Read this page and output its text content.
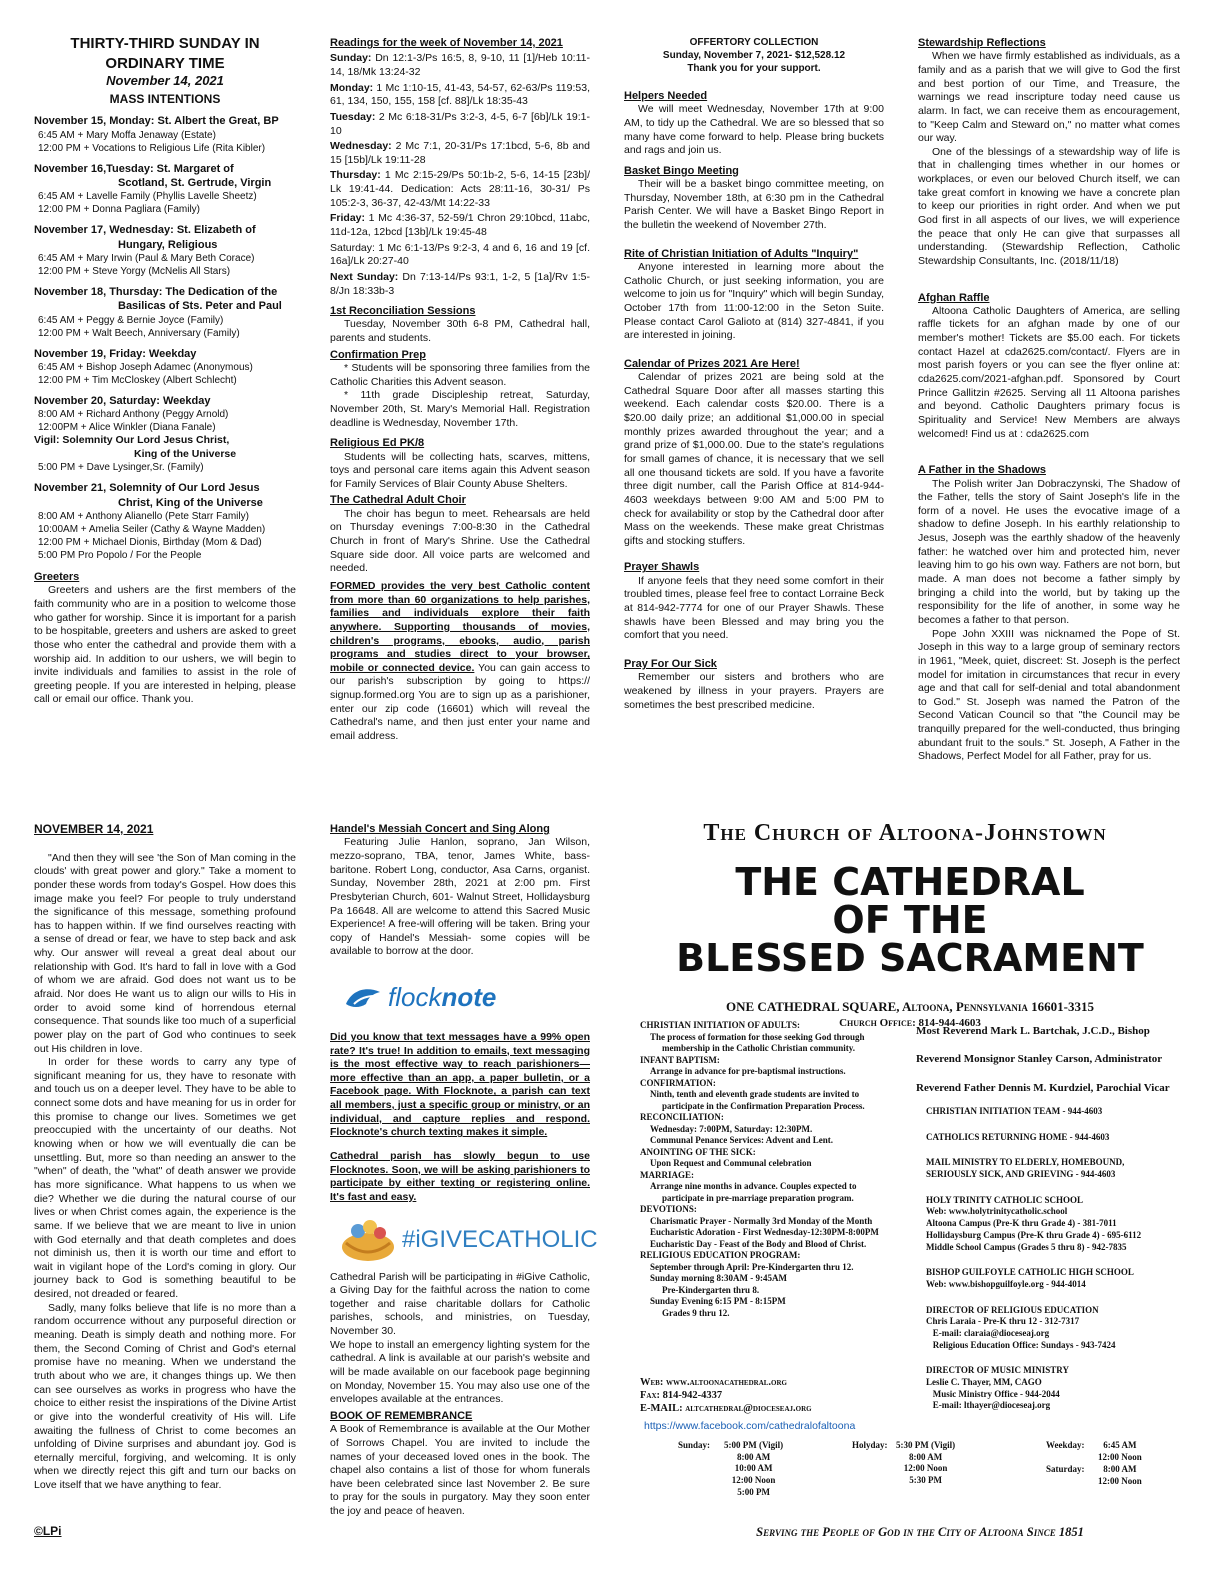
THIRTY-THIRD SUNDAY IN
ORDINARY TIME
November 14, 2021
MASS INTENTIONS
November 15, Monday: St. Albert the Great, BP
6:45 AM + Mary Moffa Jenaway (Estate)
12:00 PM + Vocations to Religious Life (Rita Kibler)
November 16,Tuesday: St. Margaret of
Scotland, St. Gertrude, Virgin
6:45 AM + Lavelle Family (Phyllis Lavelle Sheetz)
12:00 PM + Donna Pagliara (Family)
November 17, Wednesday: St. Elizabeth of
Hungary, Religious
6:45 AM + Mary Irwin (Paul & Mary Beth Corace)
12:00 PM + Steve Yorgy (McNelis All Stars)
November 18, Thursday: The Dedication of the
Basilicas of Sts. Peter and Paul
6:45 AM + Peggy & Bernie Joyce (Family)
12:00 PM + Walt Beech, Anniversary (Family)
November 19, Friday: Weekday
6:45 AM + Bishop Joseph Adamec (Anonymous)
12:00 PM + Tim McCloskey (Albert Schlecht)
November 20, Saturday: Weekday
8:00 AM + Richard Anthony (Peggy Arnold)
12:00PM + Alice Winkler (Diana Fanale)
Vigil: Solemnity Our Lord Jesus Christ,
King of the Universe
5:00 PM + Dave Lysinger,Sr. (Family)
November 21, Solemnity of Our Lord Jesus
Christ, King of the Universe
8:00 AM + Anthony Alianello (Pete Starr Family)
10:00AM + Amelia Seiler (Cathy & Wayne Madden)
12:00 PM + Michael Dionis, Birthday (Mom & Dad)
5:00 PM Pro Popolo / For the People
Greeters

Greeters and ushers are the first members of the faith community who are in a position to welcome those who gather for worship. Since it is important for a parish to be hospitable, greeters and ushers are asked to greet those who enter the cathedral and provide them with a worship aid. In addition to our ushers, we will begin to invite individuals and families to assist in the role of greeting people. If you are interested in helping, please call or email our office. Thank you.

Readings for the week of November 14, 2021

Sunday: Dn 12:1-3/Ps 16:5, 8, 9-10, 11 [1]/Heb 10:11-14, 18/Mk 13:24-32

Monday: 1 Mc 1:10-15, 41-43, 54-57, 62-63/Ps 119:53, 61, 134, 150, 155, 158 [cf. 88]/Lk 18:35-43

Tuesday: 2 Mc 6:18-31/Ps 3:2-3, 4-5, 6-7 [6b]/Lk 19:1-10

Wednesday: 2 Mc 7:1, 20-31/Ps 17:1bcd, 5-6, 8b and 15 [15b]/Lk 19:11-28

Thursday: 1 Mc 2:15-29/Ps 50:1b-2, 5-6, 14-15 [23b]/ Lk 19:41-44. Dedication: Acts 28:11-16, 30-31/ Ps 105:2-3, 36-37, 42-43/Mt 14:22-33

Friday: 1 Mc 4:36-37, 52-59/1 Chron 29:10bcd, 11abc, 11d-12a, 12bcd [13b]/Lk 19:45-48

Saturday: 1 Mc 6:1-13/Ps 9:2-3, 4 and 6, 16 and 19 [cf. 16a]/Lk 20:27-40

Next Sunday: Dn 7:13-14/Ps 93:1, 1-2, 5 [1a]/Rv 1:5-8/Jn 18:33b-3

1st Reconciliation Sessions

Tuesday, November 30th 6-8 PM, Cathedral hall, parents and students.

Confirmation Prep

* Students will be sponsoring three families from the Catholic Charities this Advent season.

* 11th grade Discipleship retreat, Saturday, November 20th, St. Mary's Memorial Hall. Registration deadline is Wednesday, November 17th.

Religious Ed PK/8

Students will be collecting hats, scarves, mittens, toys and personal care items again this Advent season for Family Services of Blair County Abuse Shelters.

The Cathedral Adult Choir

The choir has begun to meet. Rehearsals are held on Thursday evenings 7:00-8:30 in the Cathedral Church in front of Mary's Shrine. Use the Cathedral Square side door. All voice parts are welcomed and needed.

FORMED provides the very best Catholic content from more than 60 organizations to help parishes, families and individuals explore their faith anywhere. Supporting thousands of movies, children's programs, ebooks, audio, parish programs and studies direct to your browser, mobile or connected device. You can gain access to our parish's subscription by going to https:// signup.formed.org You are to sign up as a parishioner, enter our zip code (16601) which will reveal the Cathedral's name, and then just enter your name and email address.

OFFERTORY COLLECTION
Sunday, November 7, 2021- $12,528.12
Thank you for your support.
Helpers Needed

We will meet Wednesday, November 17th at 9:00 AM, to tidy up the Cathedral. We are so blessed that so many have come forward to help. Please bring buckets and rags and join us.

Basket Bingo Meeting

Their will be a basket bingo committee meeting, on Thursday, November 18th, at 6:30 pm in the Cathedral Parish Center. We will have a Basket Bingo Report in the bulletin the weekend of November 27th.

Rite of Christian Initiation of Adults "Inquiry"

Anyone interested in learning more about the Catholic Church, or just seeking information, you are welcome to join us for "Inquiry" which will begin Sunday, October 17th from 11:00-12:00 in the Seton Suite. Please contact Carol Galioto at (814) 327-4841, if you are interested in joining.

Calendar of Prizes 2021 Are Here!

Calendar of prizes 2021 are being sold at the Cathedral Square Door after all masses starting this weekend. Each calendar costs $20.00. There is a $20.00 daily prize; an additional $1,000.00 in special monthly prizes awarded throughout the year; and a grand prize of $1,000.00. Due to the state's regulations for small games of chance, it is necessary that we sell all one thousand tickets are sold. If you have a favorite three digit number, call the Parish Office at 814-944-4603 weekdays between 9:00 AM and 5:00 PM to check for availability or stop by the Cathedral door after Mass on the weekends. These make great Christmas gifts and stocking stuffers.

Prayer Shawls

If anyone feels that they need some comfort in their troubled times, please feel free to contact Lorraine Beck at 814-942-7774 for one of our Prayer Shawls. These shawls have been Blessed and may bring you the comfort that you need.

Pray For Our Sick

Remember our sisters and brothers who are weakened by illness in your prayers. Prayers are sometimes the best prescribed medicine.

Stewardship Reflections

When we have firmly established as individuals, as a family and as a parish that we will give to God the first and best portion of our Time, and Treasure, the warnings we read inscripture today need cause us alarm. In fact, we can receive them as encouragement, to "Keep Calm and Steward on," no matter what comes our way.

One of the blessings of a stewardship way of life is that in challenging times whether in our homes or workplaces, or even our beloved Church itself, we can take great comfort in knowing we have a concrete plan to keep our priorities in right order. And when we put God first in all aspects of our lives, we will experience the peace that only He can give that surpasses all understanding. (Stewardship Reflection, Catholic Stewardship Consultants, Inc. (2018/11/18)

Afghan Raffle

Altoona Catholic Daughters of America, are selling raffle tickets for an afghan made by one of our member's mother! Tickets are $5.00 each. For tickets contact Hazel at cda2625.com/contact/. Flyers are in most parish foyers or you can see the flyer online at: cda2625.com/2021-afghan.pdf. Sponsored by Court Prince Gallitzin #2625. Serving all 11 Altoona parishes and beyond. Catholic Daughters primary focus is Spirituality and Service! New Members are always welcomed! Find us at : cda2625.com

A Father in the Shadows

The Polish writer Jan Dobraczynski, The Shadow of the Father, tells the story of Saint Joseph's life in the form of a novel. He uses the evocative image of a shadow to define Joseph. In his earthly relationship to Jesus, Joseph was the earthly shadow of the heavenly father: he watched over him and protected him, never leaving him to go his own way. Fathers are not born, but made. A man does not become a father simply by bringing a child into the world, but by taking up the responsibility for the life of another, in some way he becomes a father to that person.

Pope John XXIII was nicknamed the Pope of St. Joseph in this way to a large group of seminary rectors in 1961, "Meek, quiet, discreet: St. Joseph is the perfect model for imitation in circumstances that recur in every age and that call for self-denial and total abandonment to God." St. Joseph was named the Patron of the Second Vatican Council so that "the Council may be tranquilly prepared for the well-conducted, thus bringing abundant fruit to the souls." St. Joseph, A Father in the Shadows, Perfect Model for all Father, pray for us.

NOVEMBER 14, 2021

"And then they will see 'the Son of Man coming in the clouds' with great power and glory." Take a moment to ponder these words from today's Gospel. How does this image make you feel? For people to truly understand the significance of this message, something profound has to happen within. If we find ourselves reacting with a sense of dread or fear, we have to step back and ask why. Our answer will reveal a great deal about our relationship with God. It's hard to fall in love with a God of whom we are afraid. God does not want us to be afraid. Nor does He want us to align our wills to His in order to avoid some kind of horrendous eternal consequence. That sounds like too much of a superficial power play on the part of God who continues to seek out His children in love.

In order for these words to carry any type of significant meaning for us, they have to resonate with and touch us on a deeper level. They have to be able to connect some dots and have meaning for us in order for this promise to change our lives. Sometimes we get preoccupied with the uncertainty of our deaths. Not knowing when or how we will eventually die can be unsettling. But, more so than needing an answer to the "when" of death, the "what" of death answer we provide has more significance. What happens to us when we die? Whether we die during the natural course of our lives or when Christ comes again, the experience is the same. If we believe that we are meant to live in union with God eternally and that death completes and does not diminish us, then it is worth our time and effort to wait in vigilant hope of the Lord's coming in glory. Our journey back to God is something beautiful to be desired, not dreaded or feared.

Sadly, many folks believe that life is no more than a random occurrence without any purposeful direction or meaning. Death is simply death and nothing more. For them, the Second Coming of Christ and God's eternal promise have no meaning. When we understand the truth about who we are, it changes things up. We then can see ourselves as works in progress who have the choice to either resist the inspirations of the Divine Artist or give into the wonderful creativity of His will. Life awaiting the fullness of Christ to come becomes an unfolding of Divine surprises and abundant joy. God is eternally merciful, forgiving, and welcoming. It is only when we directly reject this gift and turn our backs on Love itself that we have anything to fear.

©LPi
Handel's Messiah Concert and Sing Along

Featuring Julie Hanlon, soprano, Jan Wilson, mezzo-soprano, TBA, tenor, James White, bass-baritone. Robert Long, conductor, Asa Carns, organist. Sunday, November 28th, 2021 at 2:00 pm. First Presbyterian Church, 601- Walnut Street, Hollidaysburg Pa 16648. All are welcome to attend this Sacred Music Experience! A free-will offering will be taken. Bring your copy of Handel's Messiah- some copies will be available to borrow at the door.

flock note

Did you know that text messages have a 99% open rate? It's true! In addition to emails, text messaging is the most effective way to reach parishioners—more effective than an app, a paper bulletin, or a Facebook page. With Flocknote, a parish can text all members, just a specific group or ministry, or an individual, and capture replies and respond. Flocknote's church texting makes it simple.

Cathedral parish has slowly begun to use Flocknotes. Soon, we will be asking parishioners to participate by either texting or registering online. It's fast and easy.

#iGIVECATHOLIC

Cathedral Parish will be participating in #iGive Catholic, a Giving Day for the faithful across the nation to come together and raise charitable dollars for Catholic parishes, schools, and ministries, on Tuesday, November 30.

We hope to install an emergency lighting system for the cathedral. A link is available at our parish's website and will be made available on our facebook page beginning on Monday, November 15. You may also use one of the envelopes available at the entrances.

BOOK OF REMEMBRANCE

A Book of Remembrance is available at the Our Mother of Sorrows Chapel. You are invited to include the names of your deceased loved ones in the book. The chapel also contains a list of those for whom funerals have been celebrated since last November 2. Be sure to pray for the souls in purgatory. May they soon enter the joy and peace of heaven.

The Church of Altoona-Johnstown
THE CATHEDRAL
OF THE
BLESSED SACRAMENT
ONE CATHEDRAL SQUARE, Altoona, Pennsylvania 16601-3315
Church Office: 814-944-4603
CHRISTIAN INITIATION OF ADULTS:
The process of formation for those seeking God through
membership in the Catholic Christian community.
INFANT BAPTISM:
Arrange in advance for pre-baptismal instructions.
CONFIRMATION:
Ninth, tenth and eleventh grade students are invited to
participate in the Confirmation Preparation Process.
RECONCILIATION:
Wednesday: 7:00PM, Saturday: 12:30PM.
Communal Penance Services: Advent and Lent.
ANOINTING OF THE SICK:
Upon Request and Communal celebration
MARRIAGE:
Arrange nine months in advance. Couples expected to
participate in pre-marriage preparation program.
DEVOTIONS:
Charismatic Prayer - Normally 3rd Monday of the Month
Eucharistic Adoration - First Wednesday-12:30PM-8:00PM
Eucharistic Day - Feast of the Body and Blood of Christ.
RELIGIOUS EDUCATION PROGRAM:
September through April: Pre-Kindergarten thru 12.
Sunday morning 8:30AM - 9:45AM
Pre-Kindergarten thru 8.
Sunday Evening 6:15 PM - 8:15PM
Grades 9 thru 12.
Web: www.altoonacathedral.org
Fax: 814-942-4337
E-MAIL: altcathedral@dioceseaj.org
https://www.facebook.com/cathedralofaltoona
Most Reverend Mark L. Bartchak, J.C.D., Bishop
Reverend Monsignor Stanley Carson, Administrator
Reverend Father Dennis M. Kurdziel, Parochial Vicar
CHRISTIAN INITIATION TEAM - 944-4603
CATHOLICS RETURNING HOME - 944-4603
MAIL MINISTRY TO ELDERLY, HOMEBOUND,
SERIOUSLY SICK, AND GRIEVING - 944-4603
HOLY TRINITY CATHOLIC SCHOOL
Web: www.holytrinitycatholic.school
Altoona Campus (Pre-K thru Grade 4) - 381-7011
Hollidaysburg Campus (Pre-K thru Grade 4) - 695-6112
Middle School Campus (Grades 5 thru 8) - 942-7835
BISHOP GUILFOYLE CATHOLIC HIGH SCHOOL
Web: www.bishopguilfoyle.org - 944-4014
DIRECTOR OF RELIGIOUS EDUCATION
Chris Laraia - Pre-K thru 12 - 312-7317
E-mail: claraia@dioceseaj.org
Religious Education Office: Sundays - 943-7424
DIRECTOR OF MUSIC MINISTRY
Leslie C. Thayer, MM, CAGO
Music Ministry Office - 944-2044
E-mail: lthayer@dioceseaj.org
Sunday: 5:00 PM (Vigil)
8:00 AM
10:00 AM
12:00 Noon
5:00 PM
Holyday: 5:30 PM (Vigil)
8:00 AM
12:00 Noon
5:30 PM
Weekday:	6:45 AM
12:00 Noon
Saturday:	8:00 AM
12:00 Noon
Serving the People of God in the City of Altoona Since 1851
